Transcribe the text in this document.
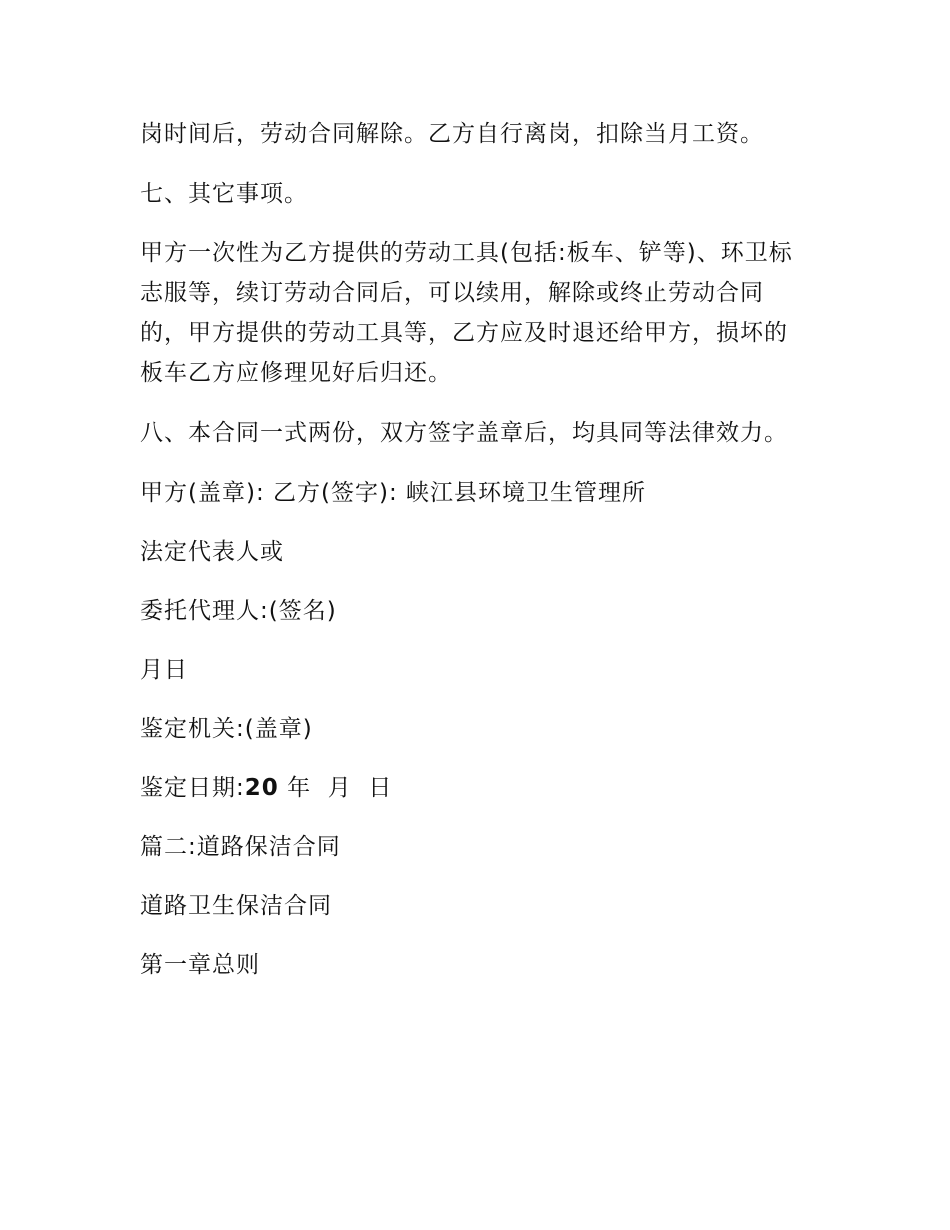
岗时间后，劳动合同解除。乙方自行离岗，扣除当月工资。

七、其它事项。

甲方一次性为乙方提供的劳动工具(包括:板车、铲等)、环卫标志服等，续订劳动合同后，可以续用，解除或终止劳动合同的，甲方提供的劳动工具等，乙方应及时退还给甲方，损坏的板车乙方应修理见好后归还。

八、本合同一式两份，双方签字盖章后，均具同等法律效力。

甲方(盖章): 乙方(签字): 峡江县环境卫生管理所

法定代表人或

委托代理人:(签名)

月日

鉴定机关:(盖章)

鉴定日期:20 年  月  日

篇二:道路保洁合同

道路卫生保洁合同

第一章总则
